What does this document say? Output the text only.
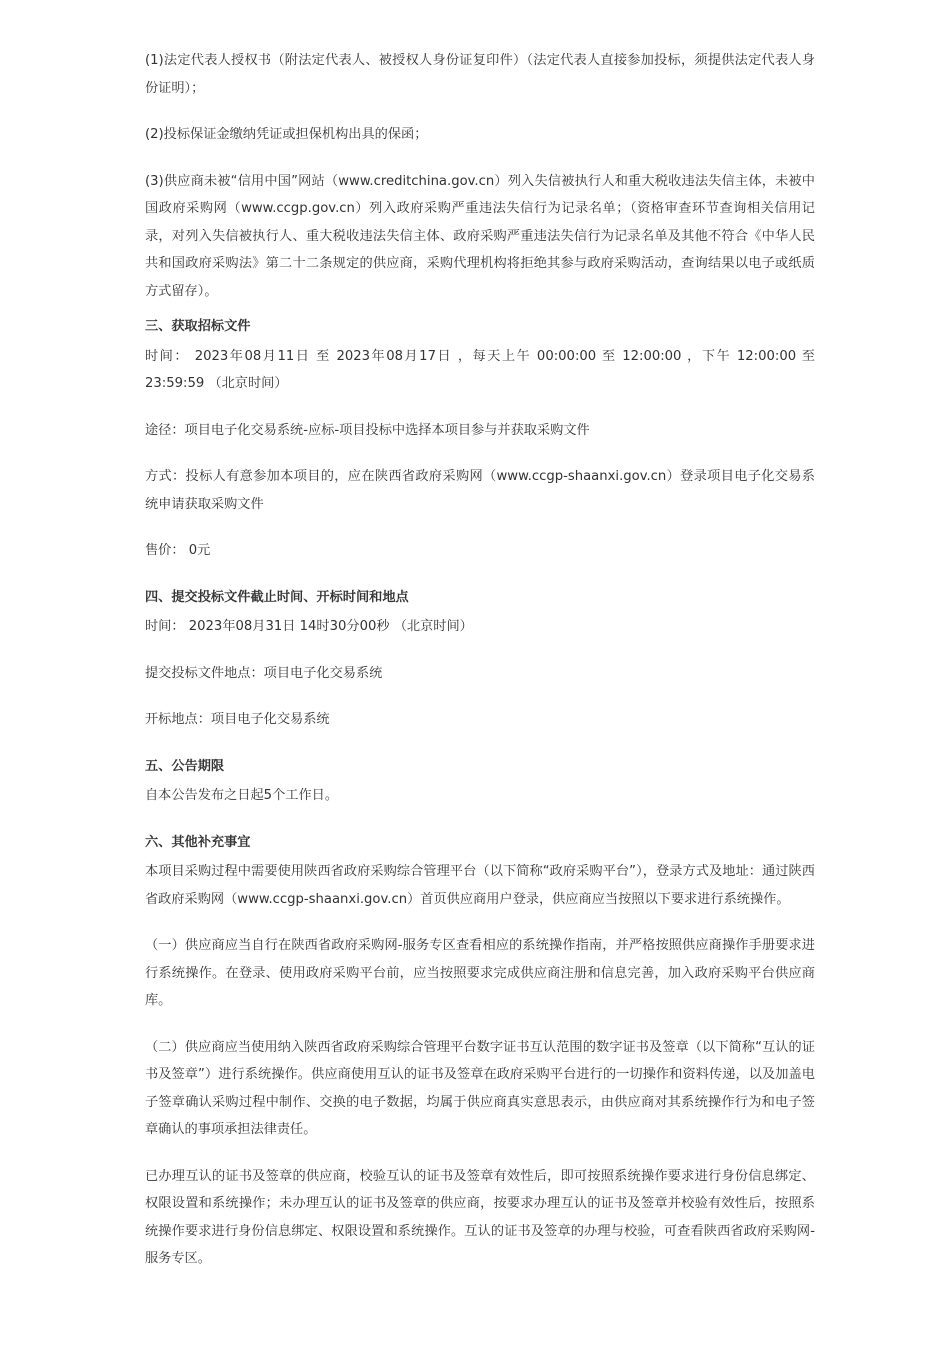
(1)法定代表人授权书（附法定代表人、被授权人身份证复印件）（法定代表人直接参加投标，须提供法定代表人身份证明）；

(2)投标保证金缴纳凭证或担保机构出具的保函；

(3)供应商未被“信用中国”网站（www.creditchina.gov.cn）列入失信被执行人和重大税收违法失信主体，未被中国政府采购网（www.ccgp.gov.cn）列入政府采购严重违法失信行为记录名单；（资格审查环节查询相关信用记录，对列入失信被执行人、重大税收违法失信主体、政府采购严重违法失信行为记录名单及其他不符合《中华人民共和国政府采购法》第二十二条规定的供应商，采购代理机构将拒绝其参与政府采购活动，查询结果以电子或纸质方式留存）。

三、获取招标文件

时间： 2023年08月11日 至 2023年08月17日 ，每天上午 00:00:00 至 12:00:00 ，下午 12:00:00 至 23:59:59 （北京时间）

途径：项目电子化交易系统-应标-项目投标中选择本项目参与并获取采购文件

方式：投标人有意参加本项目的，应在陕西省政府采购网（www.ccgp-shaanxi.gov.cn）登录项目电子化交易系统申请获取采购文件

售价： 0元

四、提交投标文件截止时间、开标时间和地点

时间： 2023年08月31日 14时30分00秒 （北京时间）

提交投标文件地点：项目电子化交易系统

开标地点：项目电子化交易系统

五、公告期限

自本公告发布之日起5个工作日。

六、其他补充事宜

本项目采购过程中需要使用陕西省政府采购综合管理平台（以下简称“政府采购平台”），登录方式及地址：通过陕西省政府采购网（www.ccgp-shaanxi.gov.cn）首页供应商用户登录，供应商应当按照以下要求进行系统操作。

（一）供应商应当自行在陕西省政府采购网-服务专区查看相应的系统操作指南，并严格按照供应商操作手册要求进行系统操作。在登录、使用政府采购平台前，应当按照要求完成供应商注册和信息完善，加入政府采购平台供应商库。

（二）供应商应当使用纳入陕西省政府采购综合管理平台数字证书互认范围的数字证书及签章（以下简称“互认的证书及签章”）进行系统操作。供应商使用互认的证书及签章在政府采购平台进行的一切操作和资料传递，以及加盖电子签章确认采购过程中制作、交换的电子数据，均属于供应商真实意思表示，由供应商对其系统操作行为和电子签章确认的事项承担法律责任。

已办理互认的证书及签章的供应商，校验互认的证书及签章有效性后，即可按照系统操作要求进行身份信息绑定、权限设置和系统操作；未办理互认的证书及签章的供应商，按要求办理互认的证书及签章并校验有效性后，按照系统操作要求进行身份信息绑定、权限设置和系统操作。互认的证书及签章的办理与校验，可查看陕西省政府采购网-服务专区。
